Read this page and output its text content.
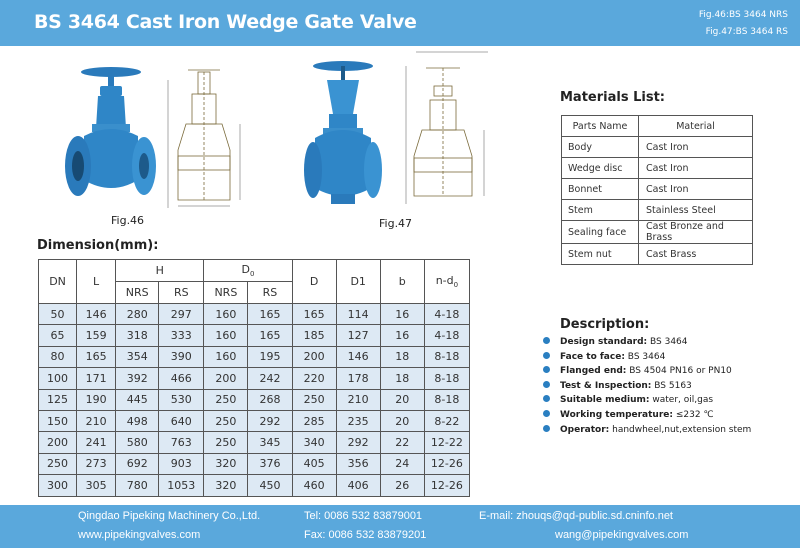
BS 3464 Cast Iron Wedge Gate Valve	Fig.46:BS 3464 NRS
Fig.47:BS 3464 RS
Fig.46	Fig.47
Dimension(mm):
DN	L	H		$D_0$		D	D1	b	$n-d_0$
		NRS	RS	NRS	RS				
50	146	280	297	160	165	165	114	16	4-18
65	159	318	333	160	165	185	127	16	4-18
80	165	354	390	160	195	200	146	18	8-18
100	171	392	466	200	242	220	178	18	8-18
125	190	445	530	250	268	250	210	20	8-18
150	210	498	640	250	292	285	235	20	8-22
200	241	580	763	250	345	340	292	22	12-22
250	273	692	903	320	376	405	356	24	12-26
300	305	780	1053	320	450	460	406	26	12-26
Materials List:
Parts Name	Material
Body	Cast Iron
Wedge disc	Cast Iron
Bonnet	Cast Iron
Stem	Stainless Steel
Sealing face	Cast Bronze and Brass
Stem nut	Cast Brass
Description:
Design standard: BS 3464
Face to face: BS 3464
Flanged end: BS 4504 PN16 or PN10
Test & Inspection: BS 5163
Suitable medium: water, oil,gas
Working temperature: ≤232 ℃
Operator: handwheel,nut,extension stem
Qingdao Pipeking Machinery Co.,Ltd.
www.pipekingvalves.com
Tel: 0086 532 83879001
Fax: 0086 532 83879201
E-mail: zhouqs@qd-public.sd.cninfo.net
wang@pipekingvalves.com
